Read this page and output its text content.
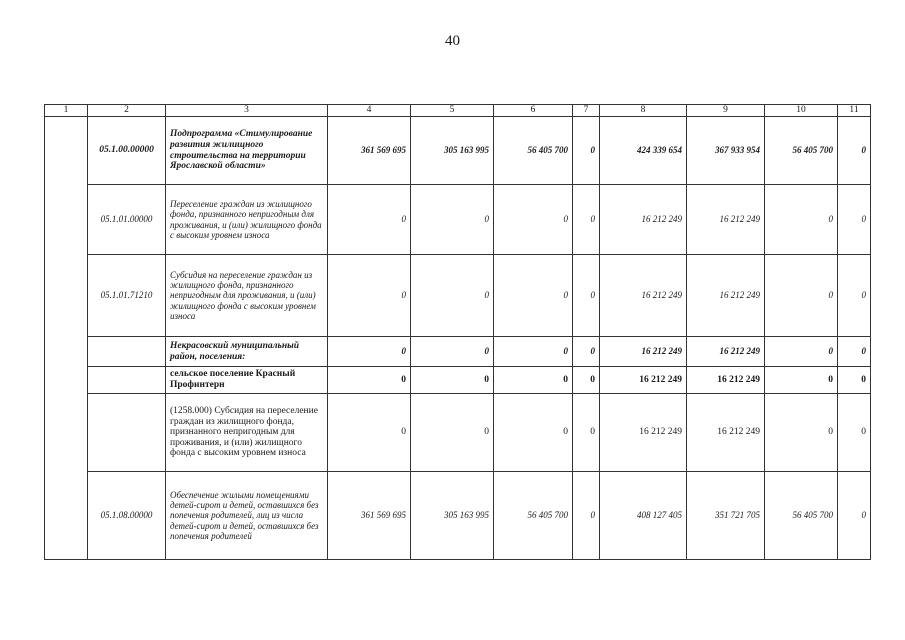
40
1	2	3	4	5	6	7	8	9	10	11
	05.1.00.00000	Подпрограмма «Стимулирование развития жилищного строительства на территории Ярославской области»	361 569 695	305 163 995	56 405 700	0	424 339 654	367 933 954	56 405 700	0
	05.1.01.00000	Переселение граждан из жилищного фонда, признанного непригодным для проживания, и (или) жилищного фонда с высоким уровнем износа	0	0	0	0	16 212 249	16 212 249	0	0
	05.1.01.71210	Субсидия на переселение граждан из жилищного фонда, признанного непригодным для проживания, и (или) жилищного фонда с высоким уровнем износа	0	0	0	0	16 212 249	16 212 249	0	0
		Некрасовский муниципальный район, поселения:	0	0	0	0	16 212 249	16 212 249	0	0
		сельское поселение Красный Профинтерн	0	0	0	0	16 212 249	16 212 249	0	0
		(1258.000) Субсидия на переселение граждан из жилищного фонда, признанного непригодным для проживания, и (или) жилищного фонда с высоким уровнем износа	0	0	0	0	16 212 249	16 212 249	0	0
	05.1.08.00000	Обеспечение жилыми помещениями детей-сирот и детей, оставшихся без попечения родителей, лиц из числа детей-сирот и детей, оставшихся без попечения родителей	361 569 695	305 163 995	56 405 700	0	408 127 405	351 721 705	56 405 700	0
